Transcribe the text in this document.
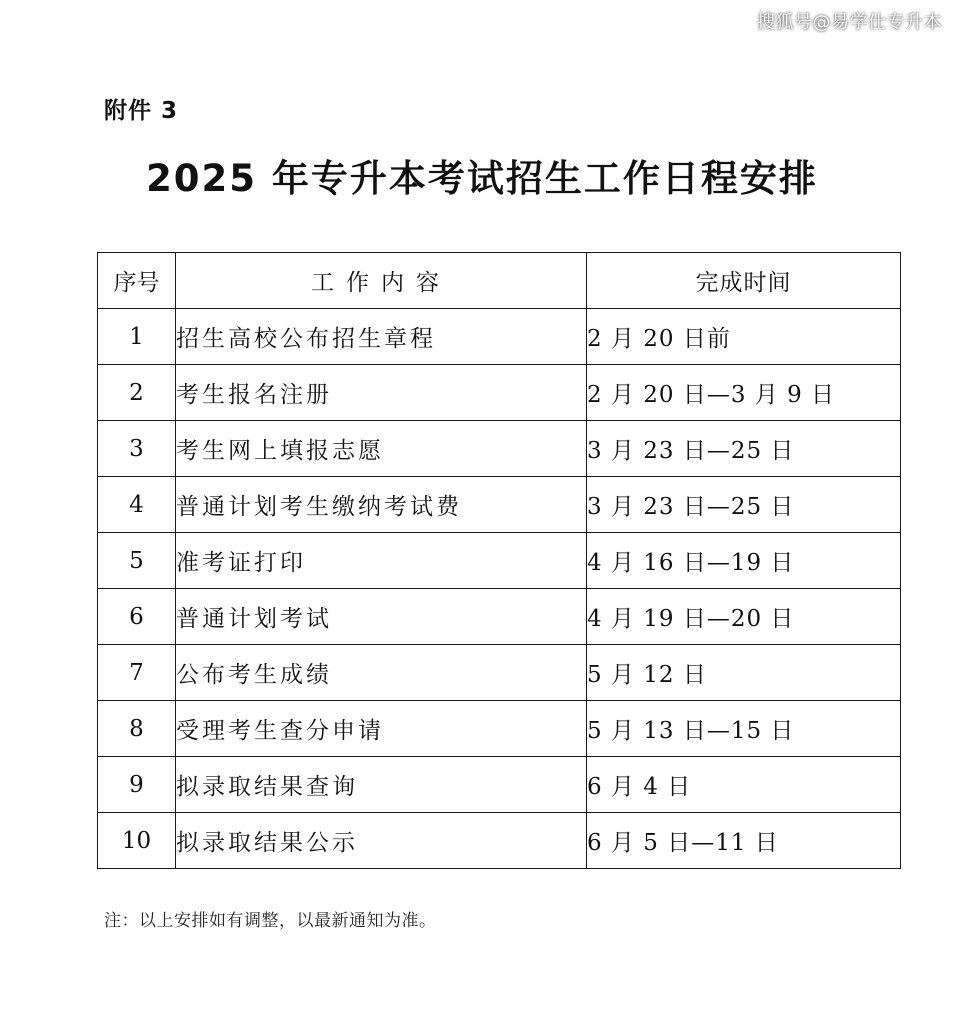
搜狐号@易学仕专升本
附件 3
2025 年专升本考试招生工作日程安排
序号	工作内容	完成时间
1	招生高校公布招生章程	2 月 20 日前
2	考生报名注册	2 月 20 日—3 月 9 日
3	考生网上填报志愿	3 月 23 日—25 日
4	普通计划考生缴纳考试费	3 月 23 日—25 日
5	准考证打印	4 月 16 日—19 日
6	普通计划考试	4 月 19 日—20 日
7	公布考生成绩	5 月 12 日
8	受理考生查分申请	5 月 13 日—15 日
9	拟录取结果查询	6 月 4 日
10	拟录取结果公示	6 月 5 日—11 日
注：以上安排如有调整，以最新通知为准。
